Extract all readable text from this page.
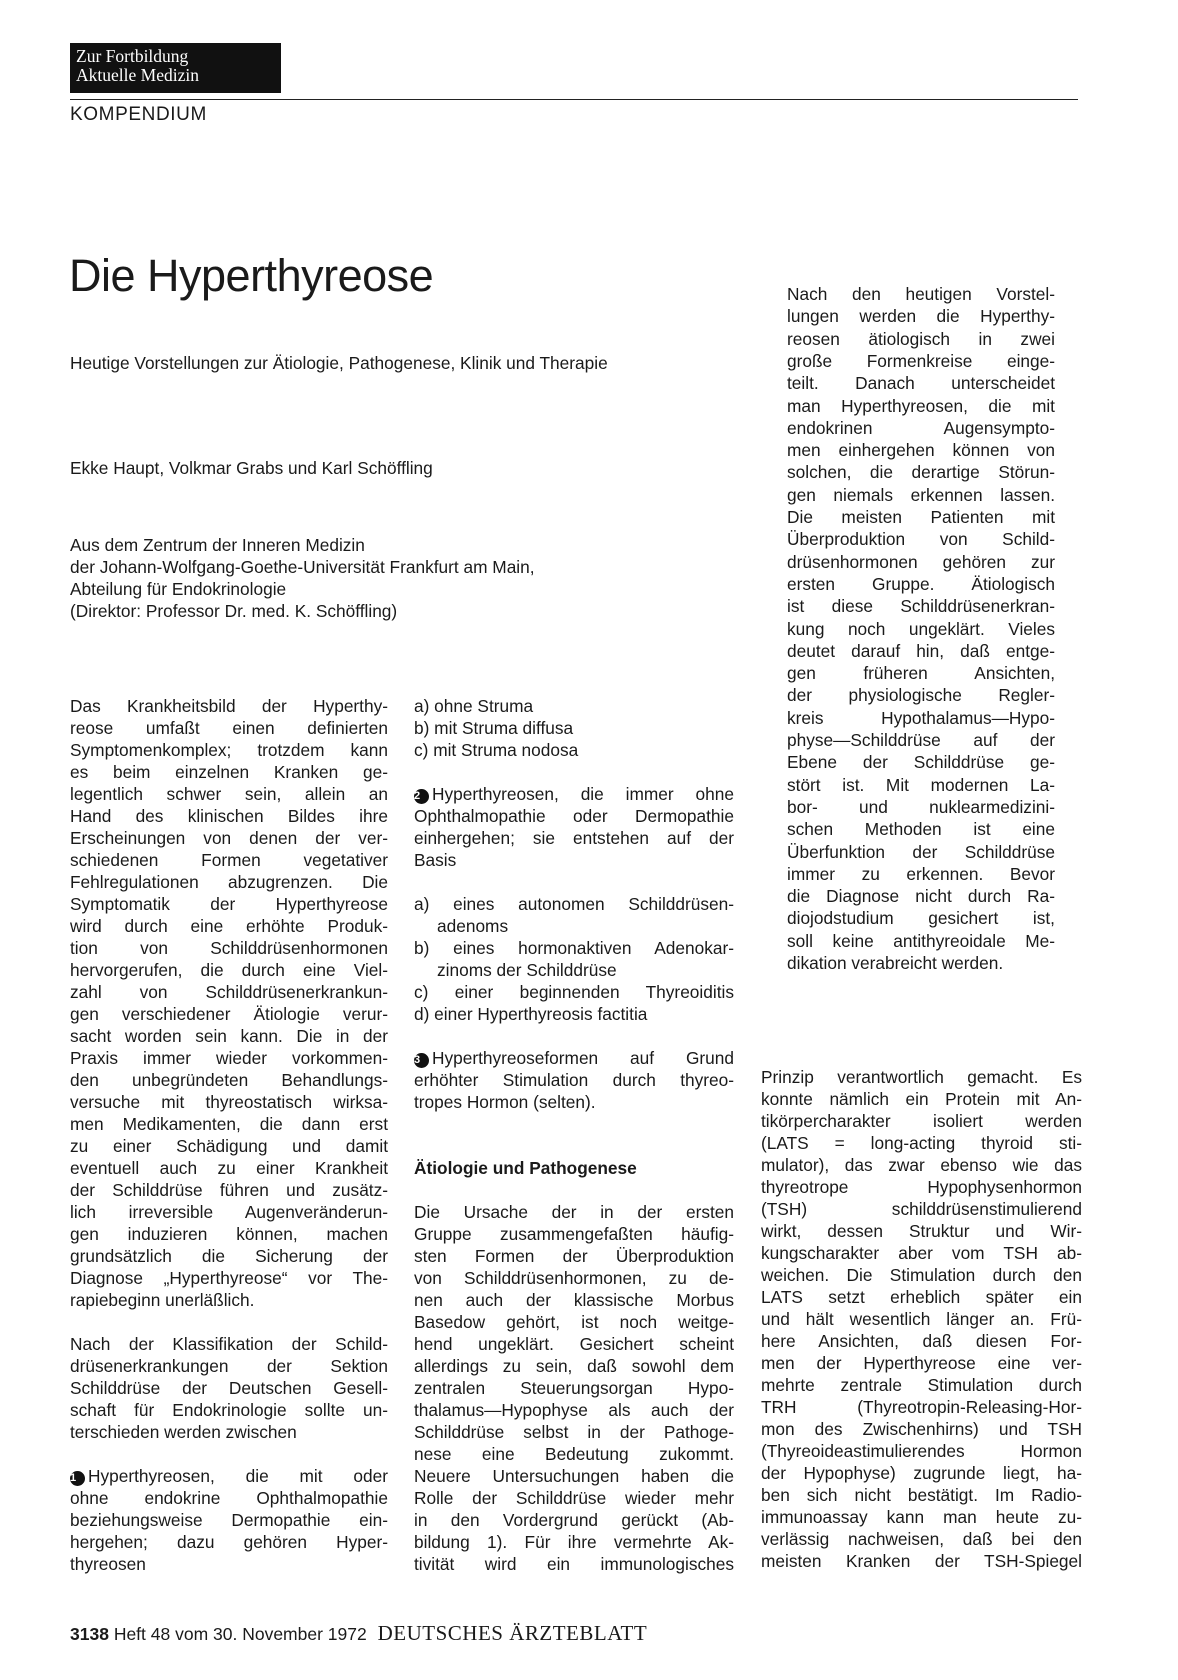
Zur Fortbildung
Aktuelle Medizin
KOMPENDIUM
Die Hyperthyreose
Heutige Vorstellungen zur Ätiologie, Pathogenese, Klinik und Therapie
Ekke Haupt, Volkmar Grabs und Karl Schöffling
Aus dem Zentrum der Inneren Medizin
der Johann-Wolfgang-Goethe-Universität Frankfurt am Main,
Abteilung für Endokrinologie
(Direktor: Professor Dr. med. K. Schöffling)
Das Krankheitsbild der Hyperthy-
reose umfaßt einen definierten
Symptomenkomplex; trotzdem kann
es beim einzelnen Kranken ge-
legentlich schwer sein, allein an
Hand des klinischen Bildes ihre
Erscheinungen von denen der ver-
schiedenen Formen vegetativer
Fehlregulationen abzugrenzen. Die
Symptomatik der Hyperthyreose
wird durch eine erhöhte Produk-
tion von Schilddrüsenhormonen
hervorgerufen, die durch eine Viel-
zahl von Schilddrüsenerkrankun-
gen verschiedener Ätiologie verur-
sacht worden sein kann. Die in der
Praxis immer wieder vorkommen-
den unbegründeten Behandlungs-
versuche mit thyreostatisch wirksa-
men Medikamenten, die dann erst
zu einer Schädigung und damit
eventuell auch zu einer Krankheit
der Schilddrüse führen und zusätz-
lich irreversible Augenveränderun-
gen induzieren können, machen
grundsätzlich die Sicherung der
Diagnose „Hyperthyreose“ vor The-
rapiebeginn unerläßlich.
Nach der Klassifikation der Schild-
drüsenerkrankungen der Sektion
Schilddrüse der Deutschen Gesell-
schaft für Endokrinologie sollte un-
terschieden werden zwischen
1 Hyperthyreosen, die mit oder
ohne endokrine Ophthalmopathie
beziehungsweise Dermopathie ein-
hergehen; dazu gehören Hyper-
thyreosen
a) ohne Struma
b) mit Struma diffusa
c) mit Struma nodosa
2 Hyperthyreosen, die immer ohne
Ophthalmopathie oder Dermopathie
einhergehen; sie entstehen auf der
Basis
a) eines autonomen Schilddrüsen-
adenoms
b) eines hormonaktiven Adenokar-
zinoms der Schilddrüse
c) einer beginnenden Thyreoiditis
d) einer Hyperthyreosis factitia
3 Hyperthyreoseformen auf Grund
erhöhter Stimulation durch thyreo-
tropes Hormon (selten).
Ätiologie und Pathogenese
Die Ursache der in der ersten
Gruppe zusammengefaßten häufig-
sten Formen der Überproduktion
von Schilddrüsenhormonen, zu de-
nen auch der klassische Morbus
Basedow gehört, ist noch weitge-
hend ungeklärt. Gesichert scheint
allerdings zu sein, daß sowohl dem
zentralen Steuerungsorgan Hypo-
thalamus—Hypophyse als auch der
Schilddrüse selbst in der Pathoge-
nese eine Bedeutung zukommt.
Neuere Untersuchungen haben die
Rolle der Schilddrüse wieder mehr
in den Vordergrund gerückt (Ab-
bildung 1). Für ihre vermehrte Ak-
tivität wird ein immunologisches
Nach den heutigen Vorstel-
lungen werden die Hyperthy-
reosen ätiologisch in zwei
große Formenkreise einge-
teilt. Danach unterscheidet
man Hyperthyreosen, die mit
endokrinen Augensympto-
men einhergehen können von
solchen, die derartige Störun-
gen niemals erkennen lassen.
Die meisten Patienten mit
Überproduktion von Schild-
drüsenhormonen gehören zur
ersten Gruppe. Ätiologisch
ist diese Schilddrüsenerkran-
kung noch ungeklärt. Vieles
deutet darauf hin, daß entge-
gen früheren Ansichten,
der physiologische Regler-
kreis Hypothalamus—Hypo-
physe—Schilddrüse auf der
Ebene der Schilddrüse ge-
stört ist. Mit modernen La-
bor- und nuklearmedizini-
schen Methoden ist eine
Überfunktion der Schilddrüse
immer zu erkennen. Bevor
die Diagnose nicht durch Ra-
diojodstudium gesichert ist,
soll keine antithyreoidale Me-
dikation verabreicht werden.
Prinzip verantwortlich gemacht. Es
konnte nämlich ein Protein mit An-
tikörpercharakter isoliert werden
(LATS = long-acting thyroid sti-
mulator), das zwar ebenso wie das
thyreotrope Hypophysenhormon
(TSH) schilddrüsenstimulierend
wirkt, dessen Struktur und Wir-
kungscharakter aber vom TSH ab-
weichen. Die Stimulation durch den
LATS setzt erheblich später ein
und hält wesentlich länger an. Frü-
here Ansichten, daß diesen For-
men der Hyperthyreose eine ver-
mehrte zentrale Stimulation durch
TRH (Thyreotropin-Releasing-Hor-
mon des Zwischenhirns) und TSH
(Thyreoideastimulierendes Hormon
der Hypophyse) zugrunde liegt, ha-
ben sich nicht bestätigt. Im Radio-
immunoassay kann man heute zu-
verlässig nachweisen, daß bei den
meisten Kranken der TSH-Spiegel
3138 Heft 48 vom 30. November 1972 DEUTSCHES ÄRZTEBLATT
